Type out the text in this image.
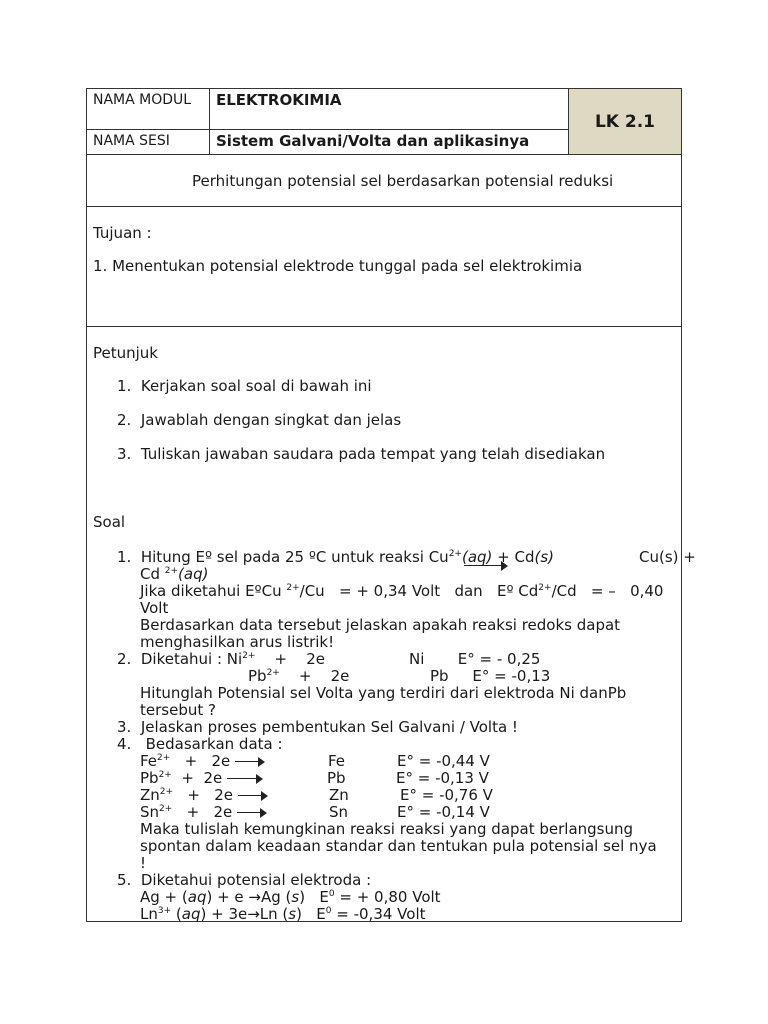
NAMA MODUL	ELEKTROKIMIA
NAMA SESI	Sistem Galvani/Volta dan aplikasinya
LK 2.1
Perhitungan potensial sel berdasarkan potensial reduksi
Tujuan :
1. Menentukan potensial elektrode tunggal pada sel elektrokimia
Petunjuk
1.  Kerjakan soal soal di bawah ini
2.  Jawablah dengan singkat dan jelas
3.  Tuliskan jawaban saudara pada tempat yang telah disediakan
Soal
1.  Hitung Eº sel pada 25 ºC untuk reaksi $Cu^{2+}(aq) + Cd(s)$	Cu(s) +
Cd $^{2+}$(aq)
Jika diketahui EºCu $^{2+}$/Cu   = + 0,34 Volt   dan   Eº $Cd^{2+}/Cd$   = –   0,40
Volt
Berdasarkan data tersebut jelaskan apakah reaksi redoks dapat
menghasilkan arus listrik!
2.  Diketahui : $Ni^{2+}$    +    2e	Ni       E° = - 0,25
$Pb^{2+}$    +    2e	Pb     E° = -0,13
Hitunglah Potensial sel Volta yang terdiri dari elektroda Ni danPb
tersebut ?
3.  Jelaskan proses pembentukan Sel Galvani / Volta !
4.   Bedasarkan data :
$Fe^{2+} + 2e$	Fe	E° = -0,44 V
$Pb^{2+} + 2e$	Pb	E° = -0,13 V
$Zn^{2+} + 2e$	Zn	E° = -0,76 V
$Sn^{2+} + 2e$	Sn	E° = -0,14 V
Maka tulislah kemungkinan reaksi reaksi yang dapat berlangsung
spontan dalam keadaan standar dan tentukan pula potensial sel nya
!
5.  Diketahui potensial elektroda :
Ag + (aq) + e →Ag (s)   $E^0$ = + 0,80 Volt
$Ln^{3+}$ (aq) + 3e→Ln (s)   $E^0 = -0,34$ Volt
